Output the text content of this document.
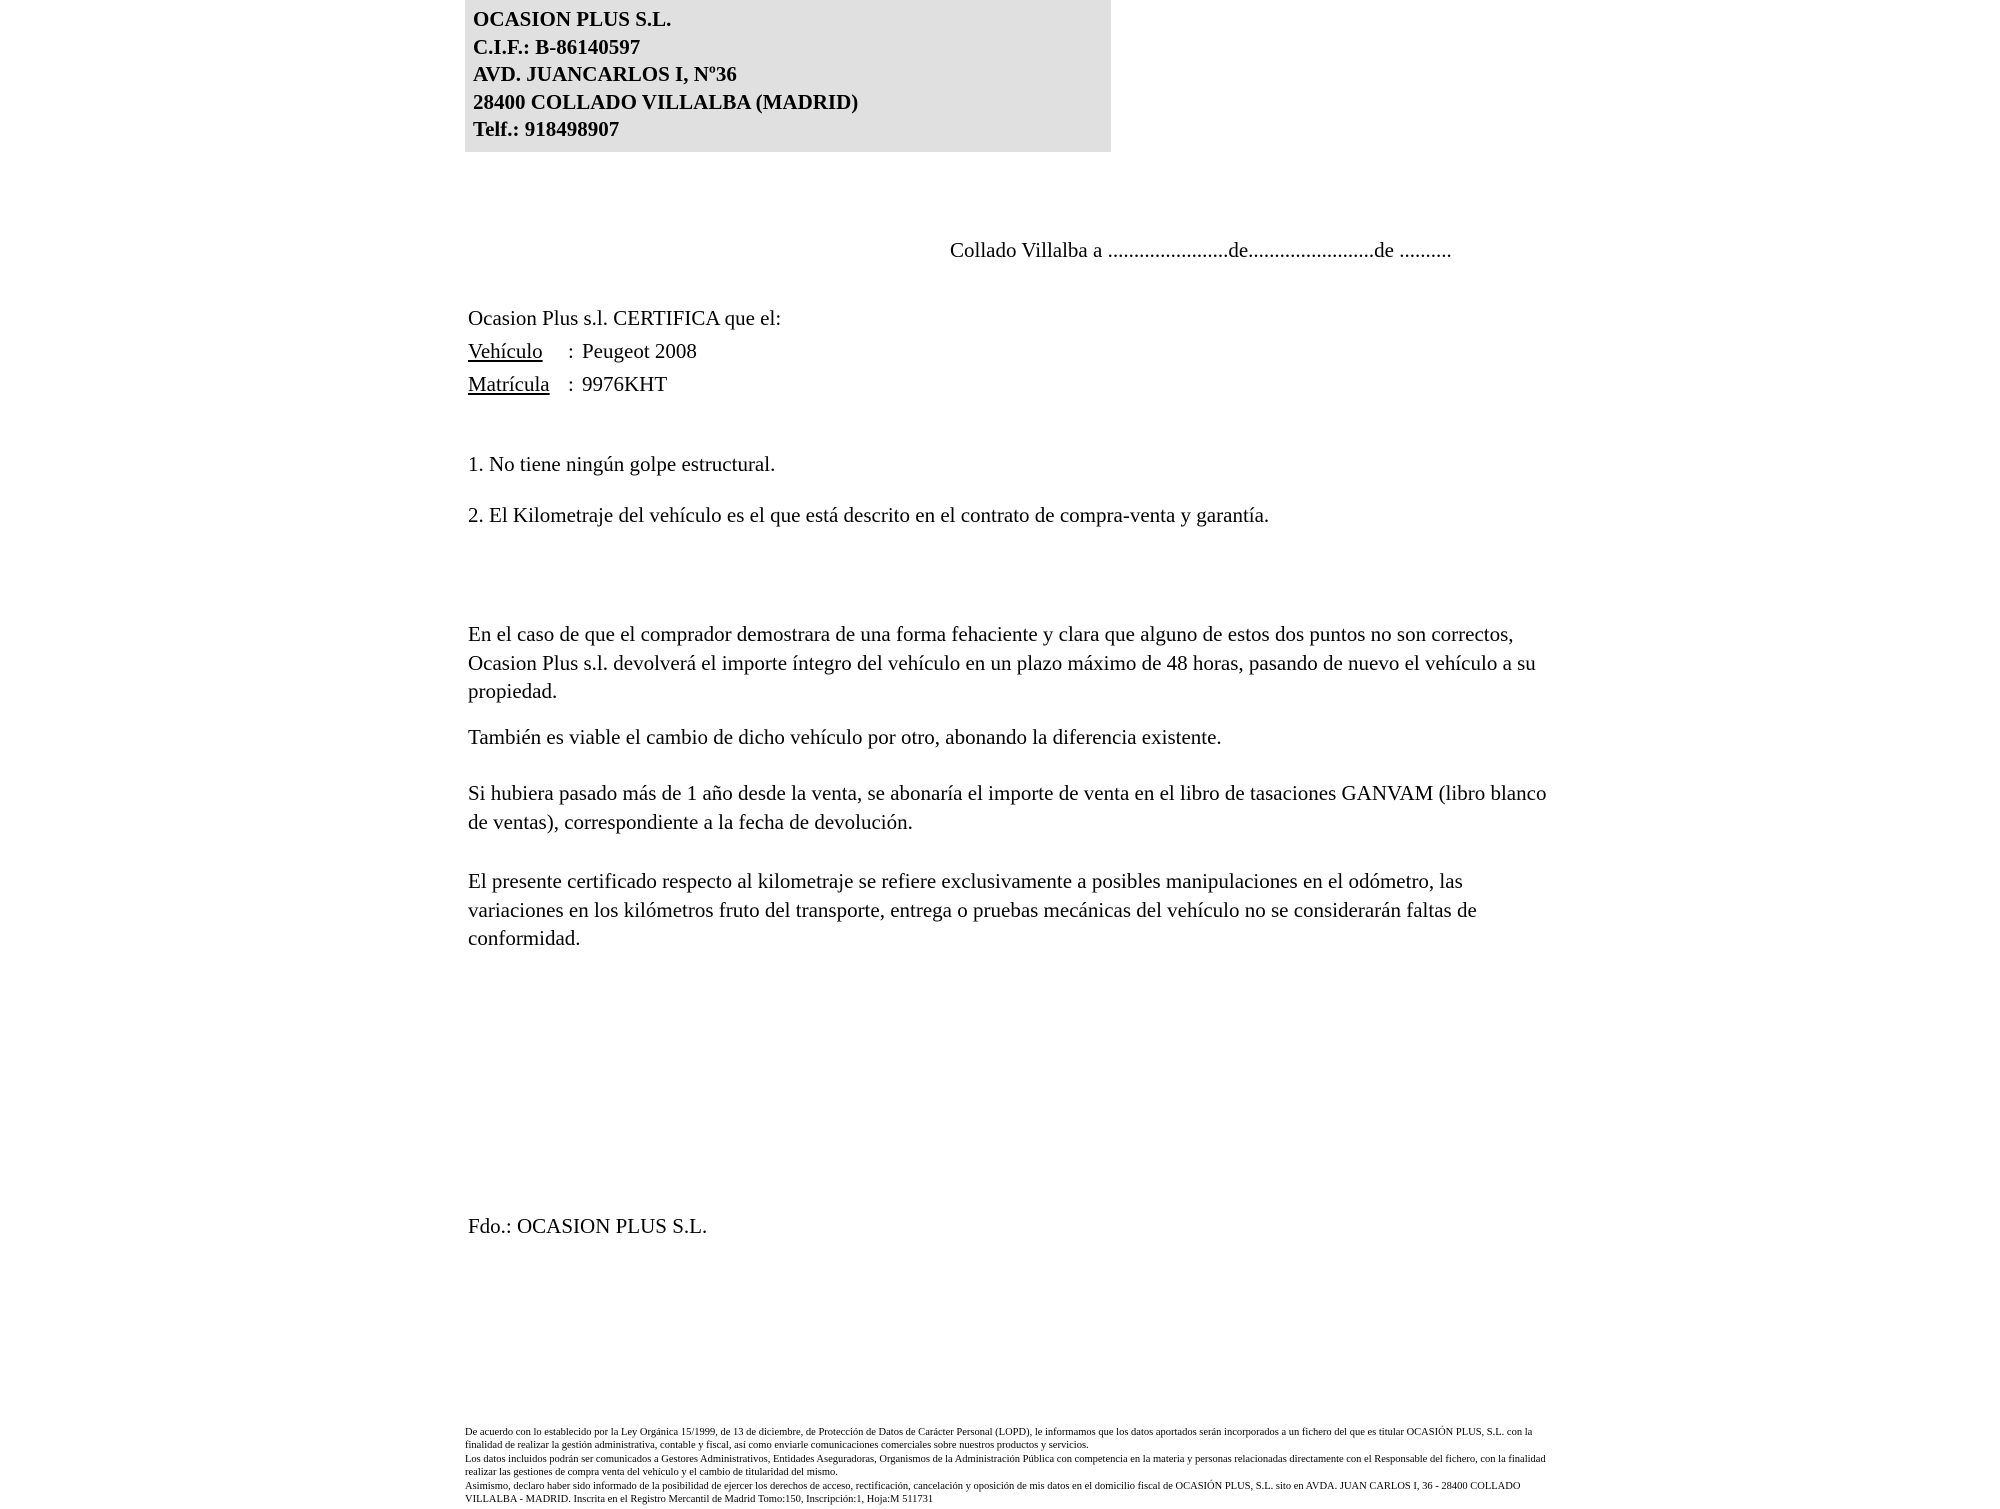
OCASION PLUS S.L.
C.I.F.: B-86140597
AVD. JUANCARLOS I, Nº36
28400 COLLADO VILLALBA (MADRID)
Telf.: 918498907
Collado Villalba a .......................de........................de ..........
Ocasion Plus s.l. CERTIFICA que el:
Vehículo : Peugeot 2008
Matrícula : 9976KHT
1. No tiene ningún golpe estructural.
2. El Kilometraje del vehículo es el que está descrito en el contrato de compra-venta y garantía.
En el caso de que el comprador demostrara de una forma fehaciente y clara que alguno de estos dos puntos no son correctos, Ocasion Plus s.l. devolverá el importe íntegro del vehículo en un plazo máximo de 48 horas, pasando de nuevo el vehículo a su propiedad.
También es viable el cambio de dicho vehículo por otro, abonando la diferencia existente.
Si hubiera pasado más de 1 año desde la venta, se abonaría el importe de venta en el libro de tasaciones GANVAM (libro blanco de ventas), correspondiente a la fecha de devolución.
El presente certificado respecto al kilometraje se refiere exclusivamente a posibles manipulaciones en el odómetro, las variaciones en los kilómetros fruto del transporte, entrega o pruebas mecánicas del vehículo no se considerarán faltas de conformidad.
Fdo.: OCASION PLUS S.L.

De acuerdo con lo establecido por la Ley Orgánica 15/1999, de 13 de diciembre, de Protección de Datos de Carácter Personal (LOPD), le informamos que los datos aportados serán incorporados a un fichero del que es titular OCASIÓN PLUS, S.L. con la finalidad de realizar la gestión administrativa, contable y fiscal, así como enviarle comunicaciones comerciales sobre nuestros productos y servicios.

Los datos incluidos podrán ser comunicados a Gestores Administrativos, Entidades Aseguradoras, Organismos de la Administración Pública con competencia en la materia y personas relacionadas directamente con el Responsable del fichero, con la finalidad realizar las gestiones de compra venta del vehículo y el cambio de titularidad del mismo.

Asimismo, declaro haber sido informado de la posibilidad de ejercer los derechos de acceso, rectificación, cancelación y oposición de mis datos en el domicilio fiscal de OCASIÓN PLUS, S.L. sito en AVDA. JUAN CARLOS I, 36 - 28400 COLLADO VILLALBA - MADRID. Inscrita en el Registro Mercantil de Madrid Tomo:150, Inscripción:1, Hoja:M 511731
